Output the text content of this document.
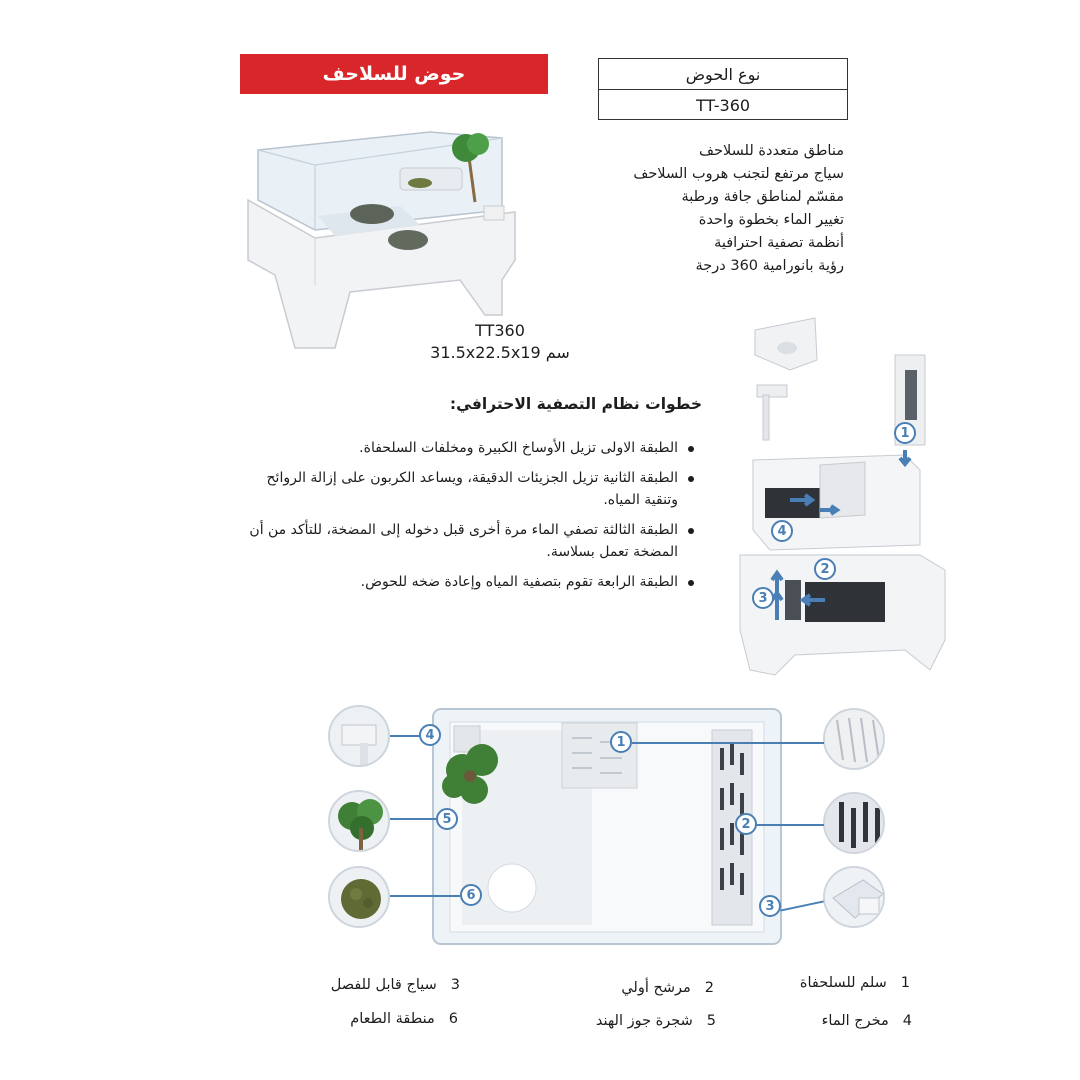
حوض للسلاحف	نوع الحوض
TT-360
TT360
31.5x22.5x19 سم
مناطق متعددة للسلاحف
سياج مرتفع لتجنب هروب السلاحف
مقسّم لمناطق جافة ورطبة
تغيير الماء بخطوة واحدة
أنظمة تصفية احترافية
رؤية بانورامية 360 درجة
خطوات نظام التصفية الاحترافي:
الطبقة الاولى تزيل الأوساخ الكبيرة ومخلفات السلحفاة.
الطبقة الثانية تزيل الجزيئات الدقيقة، ويساعد الكربون على إزالة الروائح وتنقية المياه.
الطبقة الثالثة تصفي الماء مرة أخرى قبل دخوله إلى المضخة، للتأكد من أن المضخة تعمل بسلاسة.
الطبقة الرابعة تقوم بتصفية المياه وإعادة ضخه للحوض.
1
4
2
3
4
5
6
1
2
3
1سلم للسلحفاة
2مرشح أولي
3سياج قابل للفصل
4مخرج الماء
5شجرة جوز الهند
6منطقة الطعام
